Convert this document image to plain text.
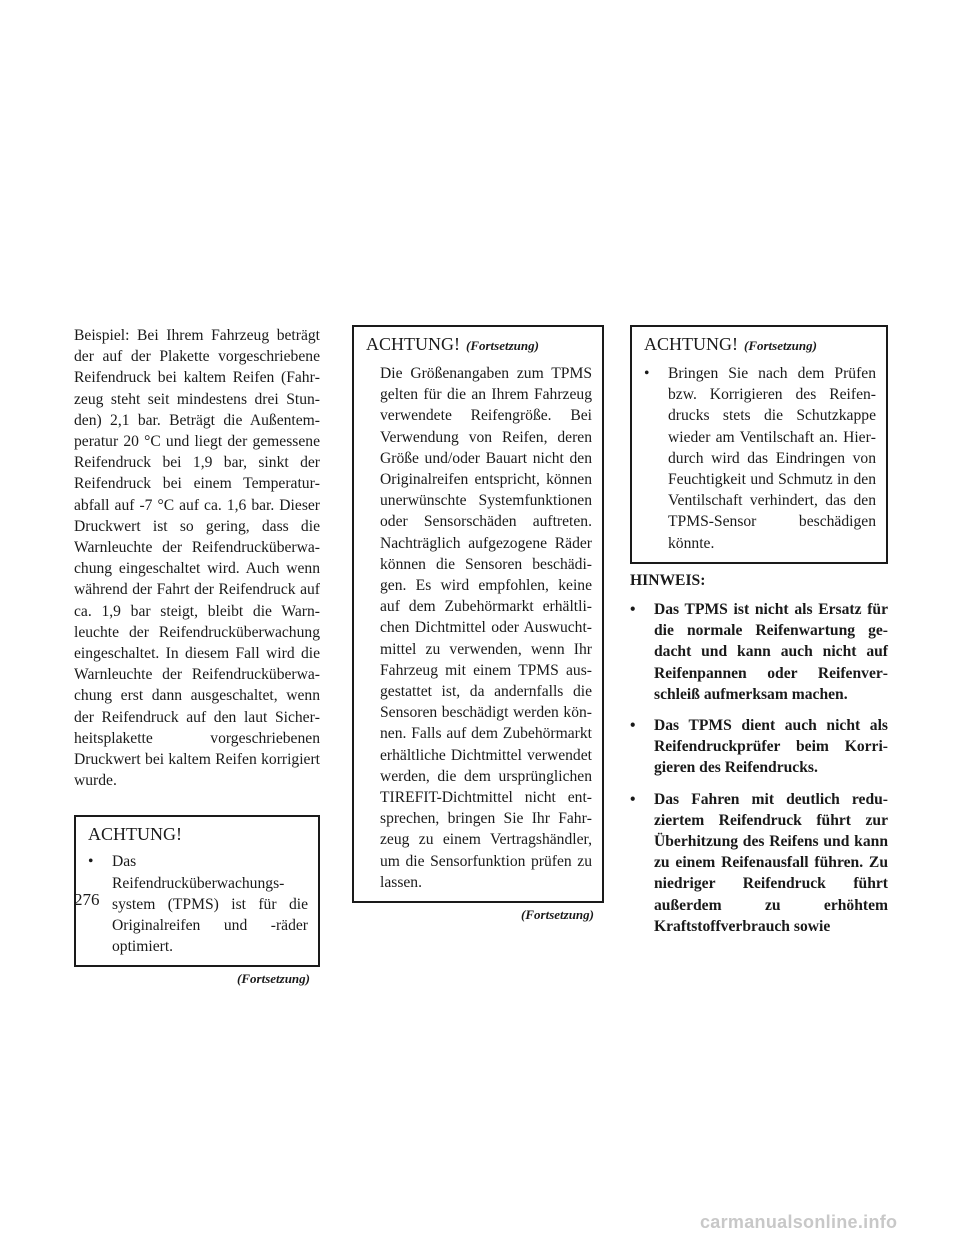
Beispiel: Bei Ihrem Fahrzeug beträgt der auf der Plakette vorgeschriebene Reifendruck bei kaltem Reifen (Fahrzeug steht seit mindestens drei Stunden) 2,1 bar. Beträgt die Außentemperatur 20 °C und liegt der gemessene Reifendruck bei 1,9 bar, sinkt der Reifendruck bei einem Temperaturabfall auf -7 °C auf ca. 1,6 bar. Dieser Druckwert ist so gering, dass die Warnleuchte der Reifendrucküberwachung eingeschaltet wird. Auch wenn während der Fahrt der Reifendruck auf ca. 1,9 bar steigt, bleibt die Warnleuchte der Reifendrucküberwachung eingeschaltet. In diesem Fall wird die Warnleuchte der Reifendrucküberwachung erst dann ausgeschaltet, wenn der Reifendruck auf den laut Sicherheitsplakette vorgeschriebenen Druckwert bei kaltem Reifen korrigiert wurde.

ACHTUNG!
• Das Reifendrucküberwachungssystem (TPMS) ist für die Originalreifen und -räder optimiert.
(Fortsetzung)
ACHTUNG! (Fortsetzung)

Die Größenangaben zum TPMS gelten für die an Ihrem Fahrzeug verwendete Reifengröße. Bei Verwendung von Reifen, deren Größe und/oder Bauart nicht den Originalreifen entspricht, können unerwünschte Systemfunktionen oder Sensorschäden auftreten. Nachträglich aufgezogene Räder können die Sensoren beschädigen. Es wird empfohlen, keine auf dem Zubehörmarkt erhältlichen Dichtmittel oder Auswuchtmittel zu verwenden, wenn Ihr Fahrzeug mit einem TPMS ausgestattet ist, da andernfalls die Sensoren beschädigt werden können. Falls auf dem Zubehörmarkt erhältliche Dichtmittel verwendet werden, die dem ursprünglichen TIREFIT-Dichtmittel nicht entsprechen, bringen Sie Ihr Fahrzeug zu einem Vertragshändler, um die Sensorfunktion prüfen zu lassen.

(Fortsetzung)
ACHTUNG! (Fortsetzung)
• Bringen Sie nach dem Prüfen bzw. Korrigieren des Reifendrucks stets die Schutzkappe wieder am Ventilschaft an. Hierdurch wird das Eindringen von Feuchtigkeit und Schmutz in den Ventilschaft verhindert, das den TPMS-Sensor beschädigen könnte.
HINWEIS:
• Das TPMS ist nicht als Ersatz für die normale Reifenwartung gedacht und kann auch nicht auf Reifenpannen oder Reifenverschleiß aufmerksam machen.
• Das TPMS dient auch nicht als Reifendruckprüfer beim Korrigieren des Reifendrucks.
• Das Fahren mit deutlich reduziertem Reifendruck führt zur Überhitzung des Reifens und kann zu einem Reifenausfall führen. Zu niedriger Reifendruck führt außerdem zu erhöhtem Kraftstoffverbrauch sowie
276
carmanualsonline.info
